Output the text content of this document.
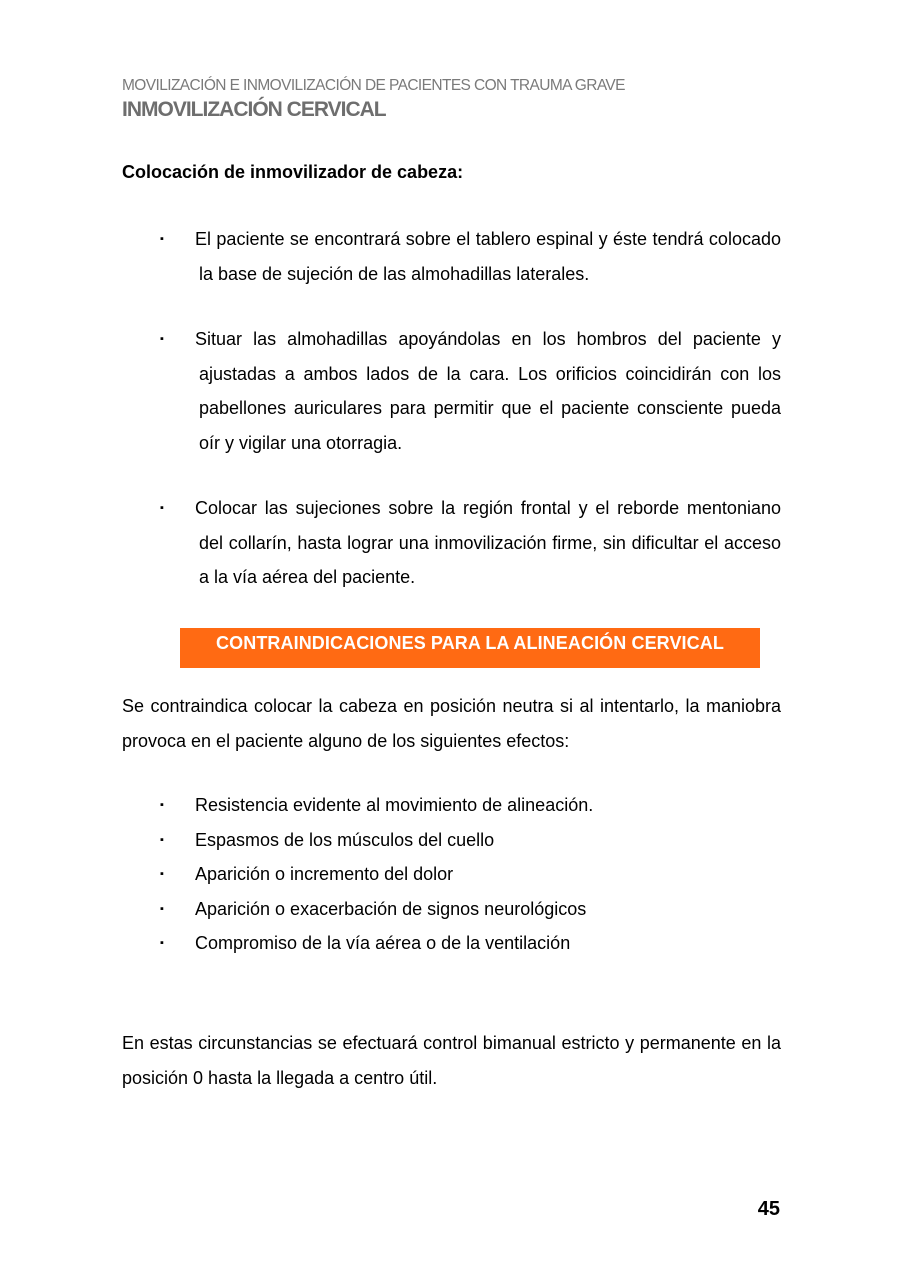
MOVILIZACIÓN E INMOVILIZACIÓN DE PACIENTES CON TRAUMA GRAVE
INMOVILIZACIÓN CERVICAL
Colocación de inmovilizador de cabeza:
▪	El paciente se encontrará sobre el tablero espinal y éste tendrá colocado la base de sujeción de las almohadillas laterales.
▪	Situar las almohadillas apoyándolas en los hombros del paciente y ajustadas a ambos lados de la cara. Los orificios coincidirán con los pabellones auriculares para permitir que el paciente consciente pueda oír y vigilar una otorragia.
▪	Colocar las sujeciones sobre la región frontal y el reborde mentoniano del collarín, hasta lograr una inmovilización firme, sin dificultar el acceso a la vía aérea del paciente.
CONTRAINDICACIONES PARA LA ALINEACIÓN CERVICAL
Se contraindica colocar la cabeza en posición neutra si al intentarlo, la maniobra provoca en el paciente alguno de los siguientes efectos:
▪ Resistencia evidente al movimiento de alineación.
▪ Espasmos de los músculos del cuello
▪ Aparición o incremento del dolor
▪ Aparición o exacerbación de signos neurológicos
▪ Compromiso de la vía aérea o de la ventilación
En estas circunstancias se efectuará control bimanual estricto y permanente en la posición 0 hasta la llegada a centro útil.
45
